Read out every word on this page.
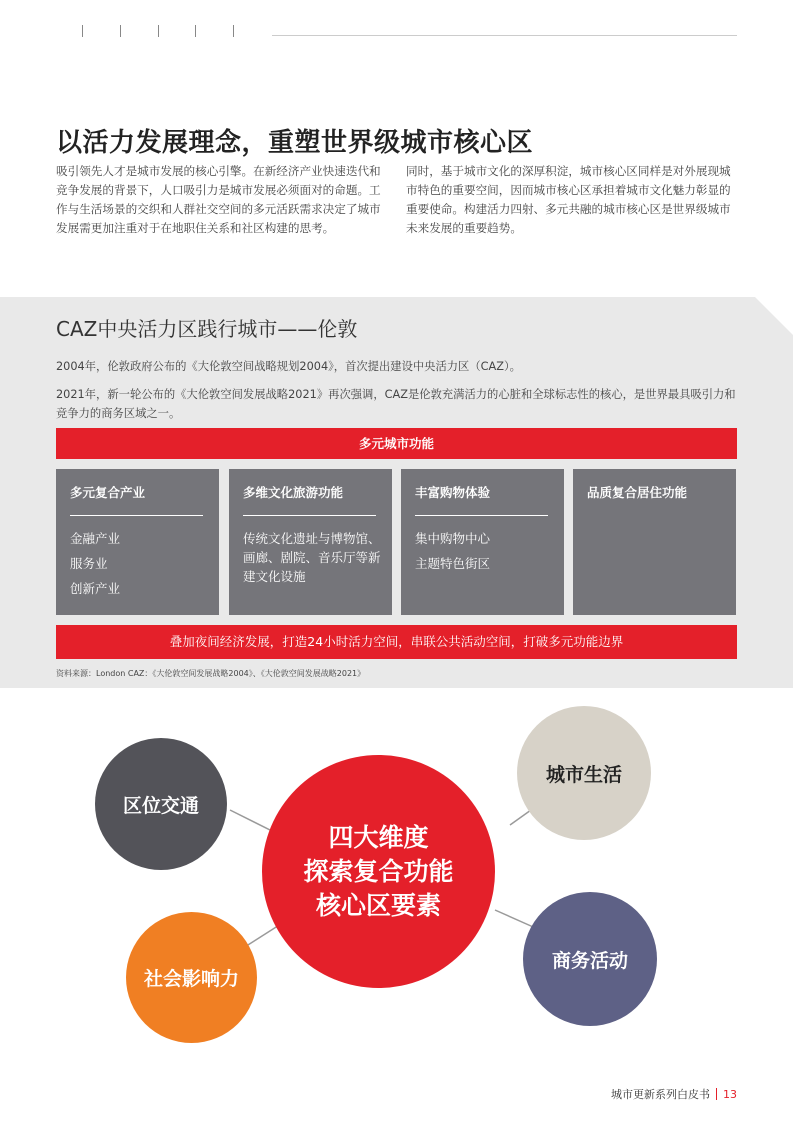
以活力发展理念，重塑世界级城市核心区
吸引领先人才是城市发展的核心引擎。在新经济产业快速迭代和竞争发展的背景下，人口吸引力是城市发展必须面对的命题。工作与生活场景的交织和人群社交空间的多元活跃需求决定了城市发展需更加注重对于在地职住关系和社区构建的思考。
同时，基于城市文化的深厚积淀，城市核心区同样是对外展现城市特色的重要空间，因而城市核心区承担着城市文化魅力彰显的重要使命。构建活力四射、多元共融的城市核心区是世界级城市未来发展的重要趋势。
CAZ中央活力区践行城市——伦敦
2004年，伦敦政府公布的《大伦敦空间战略规划2004》，首次提出建设中央活力区（CAZ）。
2021年，新一轮公布的《大伦敦空间发展战略2021》再次强调，CAZ是伦敦充满活力的心脏和全球标志性的核心，是世界最具吸引力和竞争力的商务区域之一。
多元城市功能
多元复合产业
金融产业
服务业
创新产业
多维文化旅游功能
传统文化遗址与博物馆、画廊、剧院、音乐厅等新建文化设施
丰富购物体验
集中购物中心
主题特色街区
品质复合居住功能
叠加夜间经济发展，打造24小时活力空间，串联公共活动空间，打破多元功能边界
资料来源：London CAZ：《大伦敦空间发展战略2004》、《大伦敦空间发展战略2021》
区位交通
城市生活
商务活动
社会影响力
四大维度
探索复合功能
核心区要素
城市更新系列白皮书 13
